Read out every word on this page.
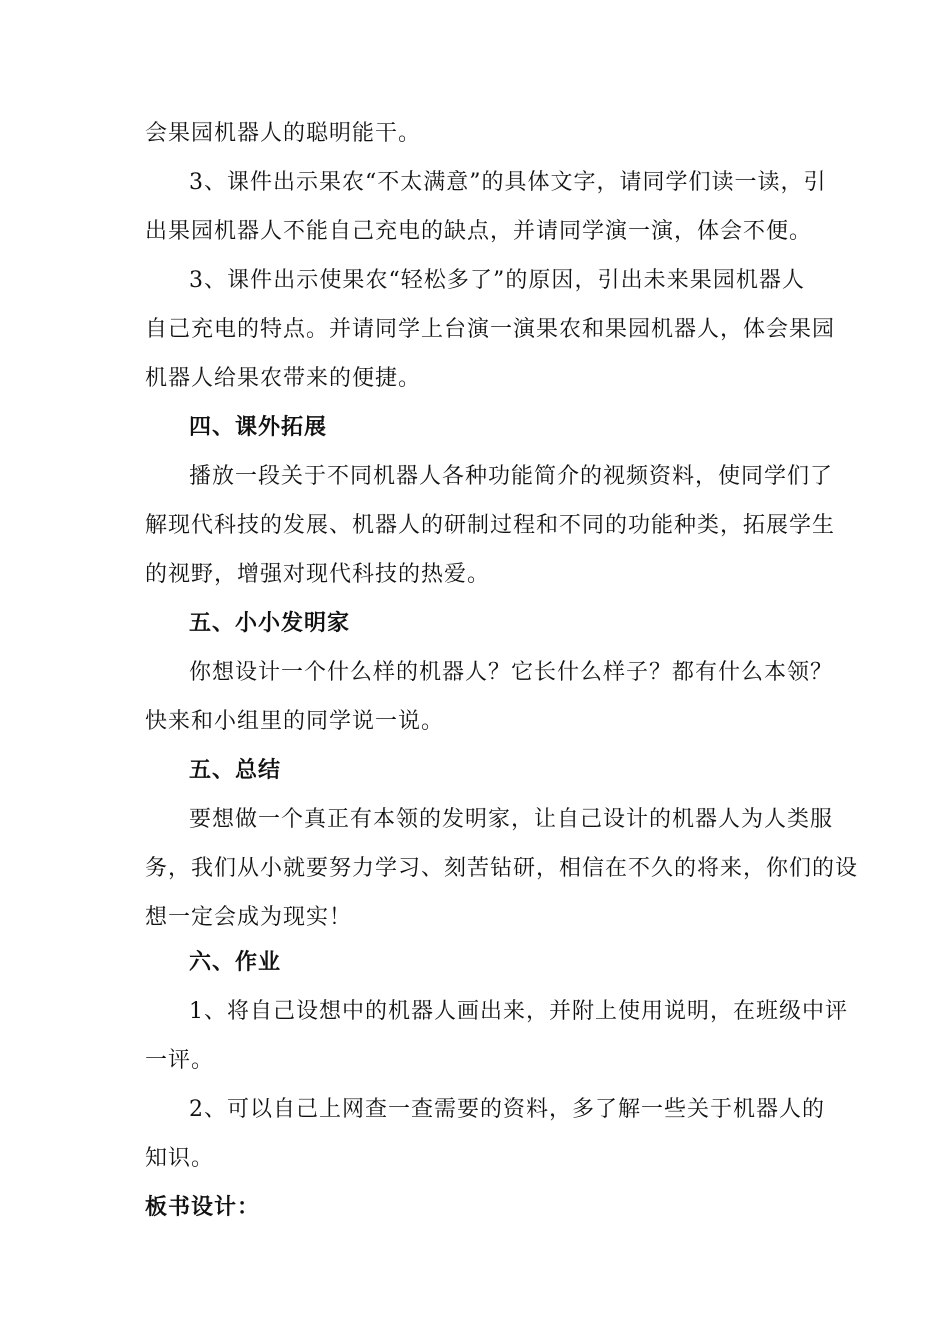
会果园机器人的聪明能干。
3、课件出示果农“不太满意”的具体文字，请同学们读一读，引
出果园机器人不能自己充电的缺点，并请同学演一演，体会不便。
3、课件出示使果农“轻松多了”的原因，引出未来果园机器人
自己充电的特点。并请同学上台演一演果农和果园机器人，体会果园
机器人给果农带来的便捷。
四、课外拓展
播放一段关于不同机器人各种功能简介的视频资料，使同学们了
解现代科技的发展、机器人的研制过程和不同的功能种类，拓展学生
的视野，增强对现代科技的热爱。
五、小小发明家
你想设计一个什么样的机器人？它长什么样子？都有什么本领？
快来和小组里的同学说一说。
五、总结
要想做一个真正有本领的发明家，让自己设计的机器人为人类服
务，我们从小就要努力学习、刻苦钻研，相信在不久的将来，你们的设
想一定会成为现实！
六、作业
1、将自己设想中的机器人画出来，并附上使用说明，在班级中评
一评。
2、可以自己上网查一查需要的资料，多了解一些关于机器人的
知识。
板书设计：
